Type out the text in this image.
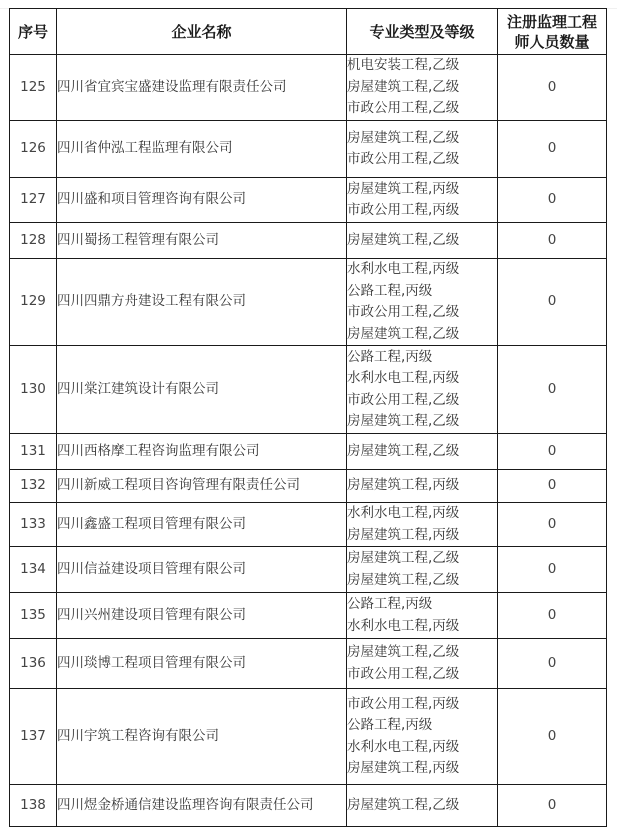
序号	企业名称	专业类型及等级	注册监理工程
师人员数量

125	四川省宜宾宝盛建设监理有限责任公司	机电安装工程,乙级
房屋建筑工程,乙级
市政公用工程,乙级	0
126	四川省仲泓工程监理有限公司	房屋建筑工程,乙级
市政公用工程,乙级	0
127	四川盛和项目管理咨询有限公司	房屋建筑工程,丙级
市政公用工程,丙级	0
128	四川蜀扬工程管理有限公司	房屋建筑工程,乙级	0
129	四川四鼎方舟建设工程有限公司	水利水电工程,丙级
公路工程,丙级
市政公用工程,乙级
房屋建筑工程,乙级	0
130	四川棠江建筑设计有限公司	公路工程,丙级
水利水电工程,丙级
市政公用工程,乙级
房屋建筑工程,乙级	0
131	四川西格摩工程咨询监理有限公司	房屋建筑工程,乙级	0
132	四川新威工程项目咨询管理有限责任公司	房屋建筑工程,丙级	0
133	四川鑫盛工程项目管理有限公司	水利水电工程,丙级
房屋建筑工程,丙级	0
134	四川信益建设项目管理有限公司	房屋建筑工程,乙级
房屋建筑工程,乙级	0
135	四川兴州建设项目管理有限公司	公路工程,丙级
水利水电工程,丙级	0
136	四川琰博工程项目管理有限公司	房屋建筑工程,乙级
市政公用工程,乙级	0
137	四川宇筑工程咨询有限公司	市政公用工程,丙级
公路工程,丙级
水利水电工程,丙级
房屋建筑工程,丙级	0
138	四川煜金桥通信建设监理咨询有限责任公司	房屋建筑工程,乙级	0
